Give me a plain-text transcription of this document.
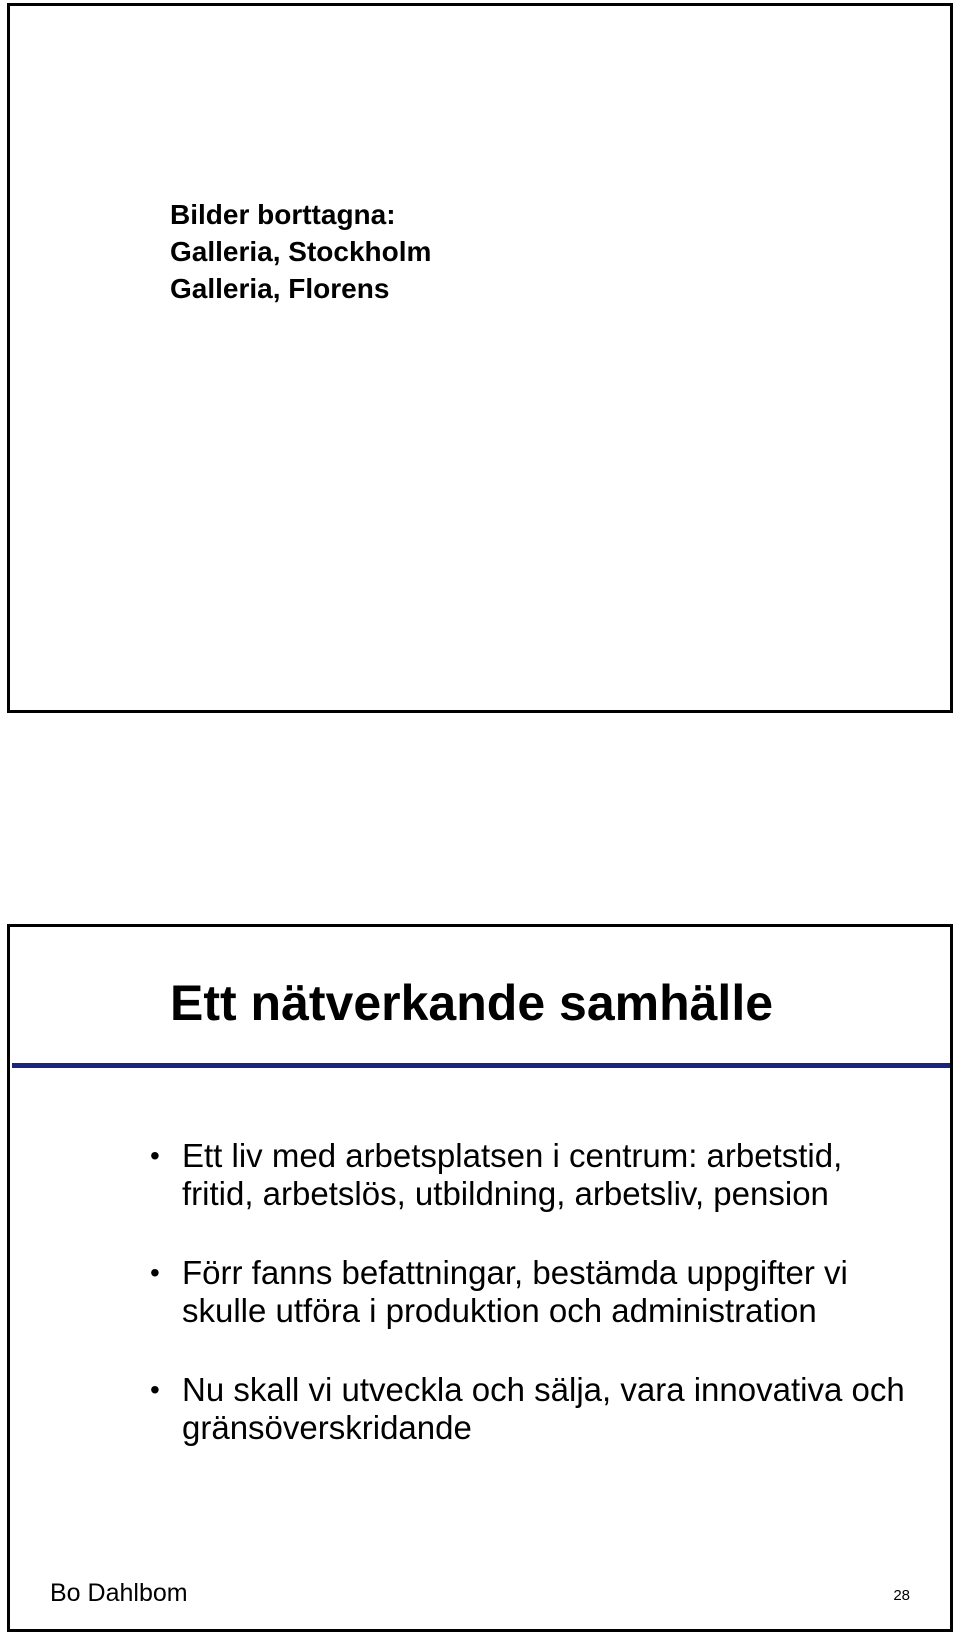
Bilder borttagna:
Galleria, Stockholm
Galleria, Florens
Ett nätverkande samhälle
• Ett liv med arbetsplatsen i centrum: arbetstid, fritid, arbetslös, utbildning, arbetsliv, pension
• Förr fanns befattningar, bestämda uppgifter vi skulle utföra i produktion och administration
• Nu skall vi utveckla och sälja, vara innovativa och gränsöverskridande
Bo Dahlbom	28
